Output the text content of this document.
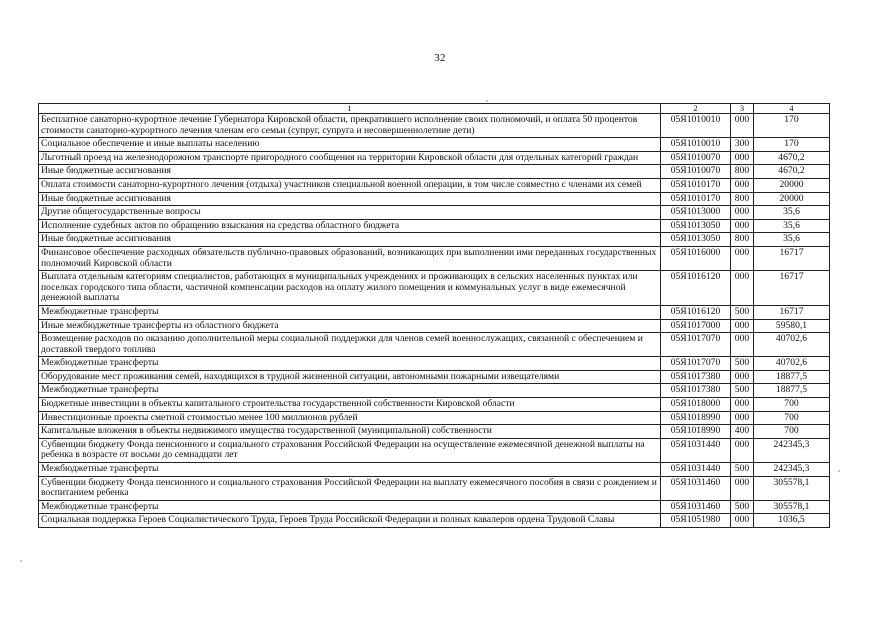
32
1	2	3	4
Бесплатное санаторно-курортное лечение Губернатора Кировской области, прекратившего исполнение своих полномочий, и оплата 50 процентов стоимости санаторно-курортного лечения членам его семьи (супруг, супруга и несовершеннолетние дети)	05Я1010010	000	170
Социальное обеспечение и иные выплаты населению	05Я1010010	300	170
Льготный проезд на железнодорожном транспорте пригородного сообщения на территории Кировской области для отдельных категорий граждан	05Я1010070	000	4670,2
Иные бюджетные ассигнования	05Я1010070	800	4670,2
Оплата стоимости санаторно-курортного лечения (отдыха) участников специальной военной операции, в том числе совместно с членами их семей	05Я1010170	000	20000
Иные бюджетные ассигнования	05Я1010170	800	20000
Другие общегосударственные вопросы	05Я1013000	000	35,6
Исполнение судебных актов по обращению взыскания на средства областного бюджета	05Я1013050	000	35,6
Иные бюджетные ассигнования	05Я1013050	800	35,6
Финансовое обеспечение расходных обязательств публично-правовых образований, возникающих при выполнении ими переданных государственных полномочий Кировской области	05Я1016000	000	16717
Выплата отдельным категориям специалистов, работающих в муниципальных учреждениях и проживающих в сельских населенных пунктах или поселках городского типа области, частичной компенсации расходов на оплату жилого помещения и коммунальных услуг в виде ежемесячной денежной выплаты	05Я1016120	000	16717
Межбюджетные трансферты	05Я1016120	500	16717
Иные межбюджетные трансферты из областного бюджета	05Я1017000	000	59580,1
Возмещение расходов по оказанию дополнительной меры социальной поддержки для членов семей военнослужащих, связанной с обеспечением и доставкой твердого топлива	05Я1017070	000	40702,6
Межбюджетные трансферты	05Я1017070	500	40702,6
Оборудование мест проживания семей, находящихся в трудной жизненной ситуации, автономными пожарными извещателями	05Я1017380	000	18877,5
Межбюджетные трансферты	05Я1017380	500	18877,5
Бюджетные инвестиции в объекты капитального строительства государственной собственности Кировской области	05Я1018000	000	700
Инвестиционные проекты сметной стоимостью менее 100 миллионов рублей	05Я1018990	000	700
Капитальные вложения в объекты недвижимого имущества государственной (муниципальной) собственности	05Я1018990	400	700
Субвенции бюджету Фонда пенсионного и социального страхования Российской Федерации на осуществление ежемесячной денежной выплаты на ребенка в возрасте от восьми до семнадцати лет	05Я1031440	000	242345,3
Межбюджетные трансферты	05Я1031440	500	242345,3
Субвенции бюджету Фонда пенсионного и социального страхования Российской Федерации на выплату ежемесячного пособия в связи с рождением и воспитанием ребенка	05Я1031460	000	305578,1
Межбюджетные трансферты	05Я1031460	500	305578,1
Социальная поддержка Героев Социалистического Труда, Героев Труда Российской Федерации и полных кавалеров ордена Трудовой Славы	05Я1051980	000	1036,5
